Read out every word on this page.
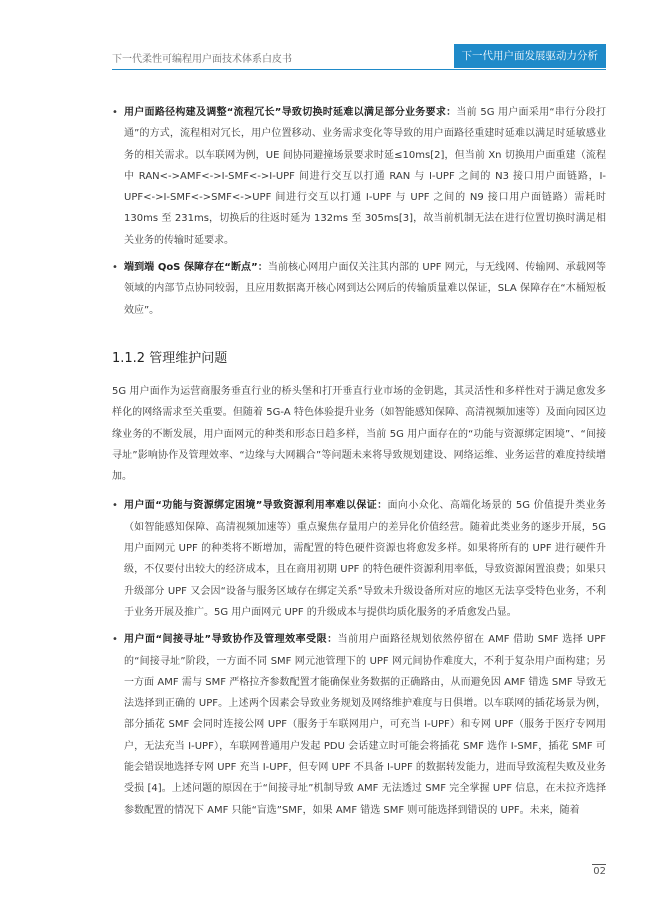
下一代柔性可编程用户面技术体系白皮书	下一代用户面发展驱动力分析
• 用户面路径构建及调整“流程冗长”导致切换时延难以满足部分业务要求：当前 5G 用户面采用“串行分段打通”的方式，流程相对冗长，用户位置移动、业务需求变化等导致的用户面路径重建时延难以满足时延敏感业务的相关需求。以车联网为例，UE 间协同避撞场景要求时延≤10ms[2]，但当前 Xn 切换用户面重建（流程中 RAN<->AMF<->I-SMF<->I-UPF 间进行交互以打通 RAN 与 I-UPF 之间的 N3 接口用户面链路，I-UPF<->I-SMF<->SMF<->UPF 间进行交互以打通 I-UPF 与 UPF 之间的 N9 接口用户面链路）需耗时 130ms 至 231ms，切换后的往返时延为 132ms 至 305ms[3]，故当前机制无法在进行位置切换时满足相关业务的传输时延要求。
• 端到端 QoS 保障存在“断点”：当前核心网用户面仅关注其内部的 UPF 网元，与无线网、传输网、承载网等领域的内部节点协同较弱，且应用数据离开核心网到达公网后的传输质量难以保证，SLA 保障存在“木桶短板效应”。
1.1.2 管理维护问题
5G 用户面作为运营商服务垂直行业的桥头堡和打开垂直行业市场的金钥匙，其灵活性和多样性对于满足愈发多样化的网络需求至关重要。但随着 5G-A 特色体验提升业务（如智能感知保障、高清视频加速等）及面向园区边缘业务的不断发展，用户面网元的种类和形态日趋多样，当前 5G 用户面存在的“功能与资源绑定困境”、“间接寻址”影响协作及管理效率、“边缘与大网耦合”等问题未来将导致规划建设、网络运维、业务运营的难度持续增加。
• 用户面“功能与资源绑定困境”导致资源利用率难以保证：面向小众化、高端化场景的 5G 价值提升类业务（如智能感知保障、高清视频加速等）重点聚焦存量用户的差异化价值经营。随着此类业务的逐步开展，5G 用户面网元 UPF 的种类将不断增加，需配置的特色硬件资源也将愈发多样。如果将所有的 UPF 进行硬件升级，不仅要付出较大的经济成本，且在商用初期 UPF 的特色硬件资源利用率低，导致资源闲置浪费；如果只升级部分 UPF 又会因“设备与服务区域存在绑定关系”导致未升级设备所对应的地区无法享受特色业务，不利于业务开展及推广。5G 用户面网元 UPF 的升级成本与提供均质化服务的矛盾愈发凸显。
• 用户面“间接寻址”导致协作及管理效率受限：当前用户面路径规划依然停留在 AMF 借助 SMF 选择 UPF 的“间接寻址”阶段，一方面不同 SMF 网元池管理下的 UPF 网元间协作难度大，不利于复杂用户面构建；另一方面 AMF 需与 SMF 严格拉齐参数配置才能确保业务数据的正确路由，从而避免因 AMF 错选 SMF 导致无法选择到正确的 UPF。上述两个因素会导致业务规划及网络维护难度与日俱增。以车联网的插花场景为例，部分插花 SMF 会同时连接公网 UPF（服务于车联网用户，可充当 I-UPF）和专网 UPF（服务于医疗专网用户，无法充当 I-UPF），车联网普通用户发起 PDU 会话建立时可能会将插花 SMF 选作 I-SMF，插花 SMF 可能会错误地选择专网 UPF 充当 I-UPF，但专网 UPF 不具备 I-UPF 的数据转发能力，进而导致流程失败及业务受损 [4]。上述问题的原因在于“间接寻址”机制导致 AMF 无法透过 SMF 完全掌握 UPF 信息，在未拉齐选择参数配置的情况下 AMF 只能“盲选”SMF，如果 AMF 错选 SMF 则可能选择到错误的 UPF。未来，随着
02
